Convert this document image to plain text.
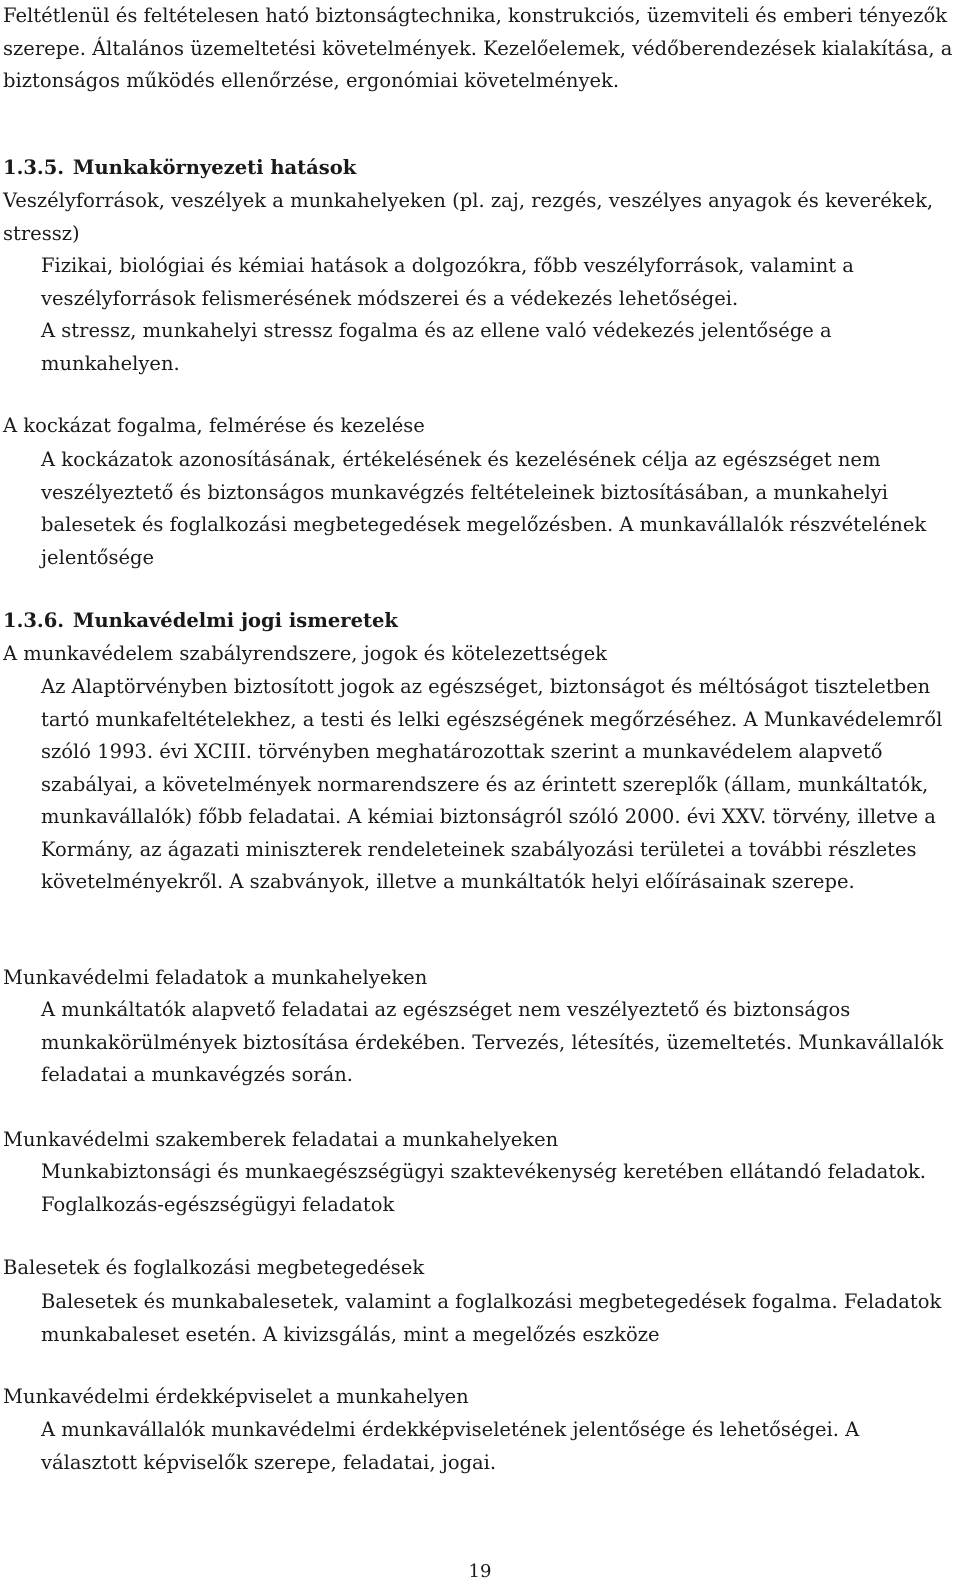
Feltétlenül és feltételesen ható biztonságtechnika, konstrukciós, üzemviteli és emberi tényezők szerepe. Általános üzemeltetési követelmények. Kezelőelemek, védőberendezések kialakítása, a biztonságos működés ellenőrzése, ergonómiai követelmények.
1.3.5. Munkakörnyezeti hatások
Veszélyforrások, veszélyek a munkahelyeken (pl. zaj, rezgés, veszélyes anyagok és keverékek, stressz)
Fizikai, biológiai és kémiai hatások a dolgozókra, főbb veszélyforrások, valamint a veszélyforrások felismerésének módszerei és a védekezés lehetőségei.
A stressz, munkahelyi stressz fogalma és az ellene való védekezés jelentősége a munkahelyen.
A kockázat fogalma, felmérése és kezelése
A kockázatok azonosításának, értékelésének és kezelésének célja az egészséget nem veszélyeztető és biztonságos munkavégzés feltételeinek biztosításában, a munkahelyi balesetek és foglalkozási megbetegedések megelőzésben. A munkavállalók részvételének jelentősége
1.3.6. Munkavédelmi jogi ismeretek
A munkavédelem szabályrendszere, jogok és kötelezettségek
Az Alaptörvényben biztosított jogok az egészséget, biztonságot és méltóságot tiszteletben tartó munkafeltételekhez, a testi és lelki egészségének megőrzéséhez. A Munkavédelemről szóló 1993. évi XCIII. törvényben meghatározottak szerint a munkavédelem alapvető szabályai, a követelmények normarendszere és az érintett szereplők (állam, munkáltatók, munkavállalók) főbb feladatai. A kémiai biztonságról szóló 2000. évi XXV. törvény, illetve a Kormány, az ágazati miniszterek rendeleteinek szabályozási területei a további részletes követelményekről. A szabványok, illetve a munkáltatók helyi előírásainak szerepe.
Munkavédelmi feladatok a munkahelyeken
A munkáltatók alapvető feladatai az egészséget nem veszélyeztető és biztonságos munkakörülmények biztosítása érdekében. Tervezés, létesítés, üzemeltetés. Munkavállalók feladatai a munkavégzés során.
Munkavédelmi szakemberek feladatai a munkahelyeken
Munkabiztonsági és munkaegészségügyi szaktevékenység keretében ellátandó feladatok. Foglalkozás-egészségügyi feladatok
Balesetek és foglalkozási megbetegedések
Balesetek és munkabalesetek, valamint a foglalkozási megbetegedések fogalma. Feladatok munkabaleset esetén. A kivizsgálás, mint a megelőzés eszköze
Munkavédelmi érdekképviselet a munkahelyen
A munkavállalók munkavédelmi érdekképviseletének jelentősége és lehetőségei. A választott képviselők szerepe, feladatai, jogai.
19
